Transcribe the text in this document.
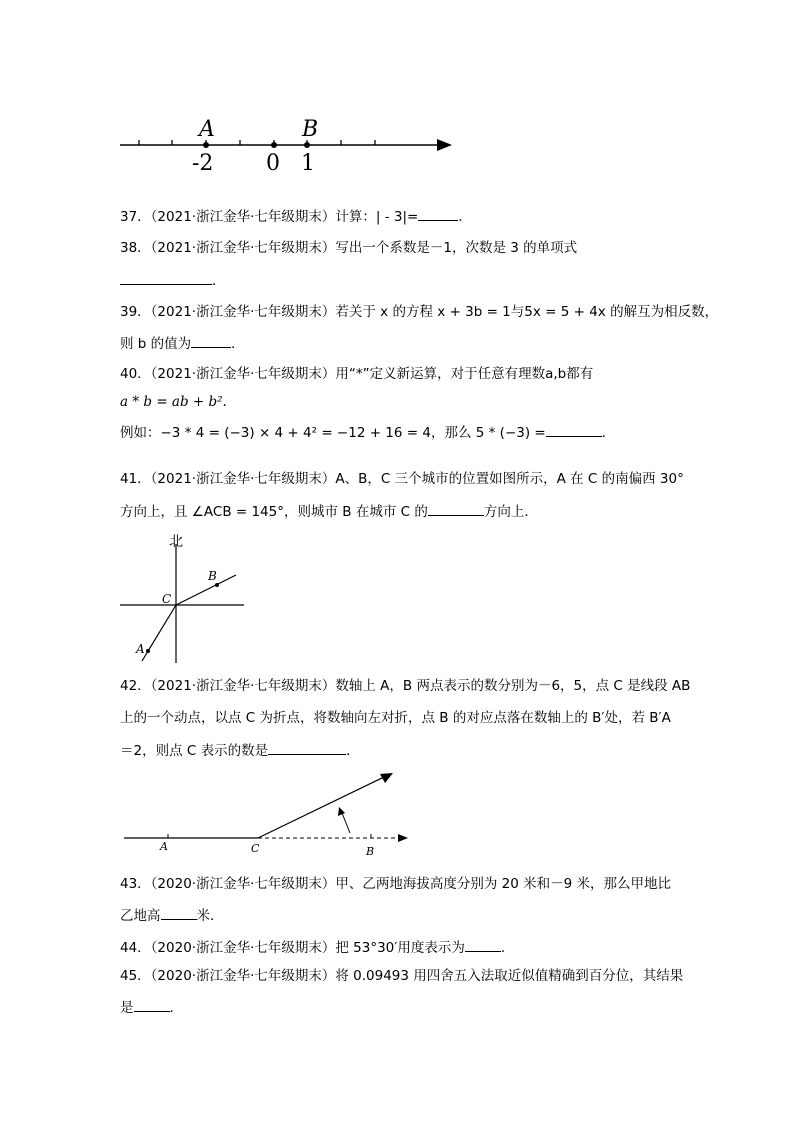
A	B
-2 0 1
37．（2021·浙江金华·七年级期末）计算：| - 3|=	．
38．（2021·浙江金华·七年级期末）写出一个系数是－1，次数是 3 的单项式
．
39．（2021·浙江金华·七年级期末）若关于 x 的方程 x + 3b = 1与5x = 5 + 4x 的解互为相反数，
则 b 的值为	．
40．（2021·浙江金华·七年级期末）用“*”定义新运算，对于任意有理数a,b都有
a * b = ab + b².
例如：−3 * 4 = (−3) × 4 + 4² = −12 + 16 = 4，那么 5 * (−3) =	．
41．（2021·浙江金华·七年级期末）A、B，C 三个城市的位置如图所示，A 在 C 的南偏西 30°
方向上，且 ∠ACB = 145°，则城市 B 在城市 C 的	方向上．
北
C
B
A
42．（2021·浙江金华·七年级期末）数轴上 A，B 两点表示的数分别为－6，5，点 C 是线段 AB
上的一个动点，以点 C 为折点，将数轴向左对折，点 B 的对应点落在数轴上的 B′处，若 B′A
＝2，则点 C 表示的数是	．
A	C	B
43．（2020·浙江金华·七年级期末）甲、乙两地海拔高度分别为 20 米和－9 米，那么甲地比
乙地高	米．
44．（2020·浙江金华·七年级期末）把 53°30′用度表示为	．
45．（2020·浙江金华·七年级期末）将 0.09493 用四舍五入法取近似值精确到百分位，其结果
是	．
